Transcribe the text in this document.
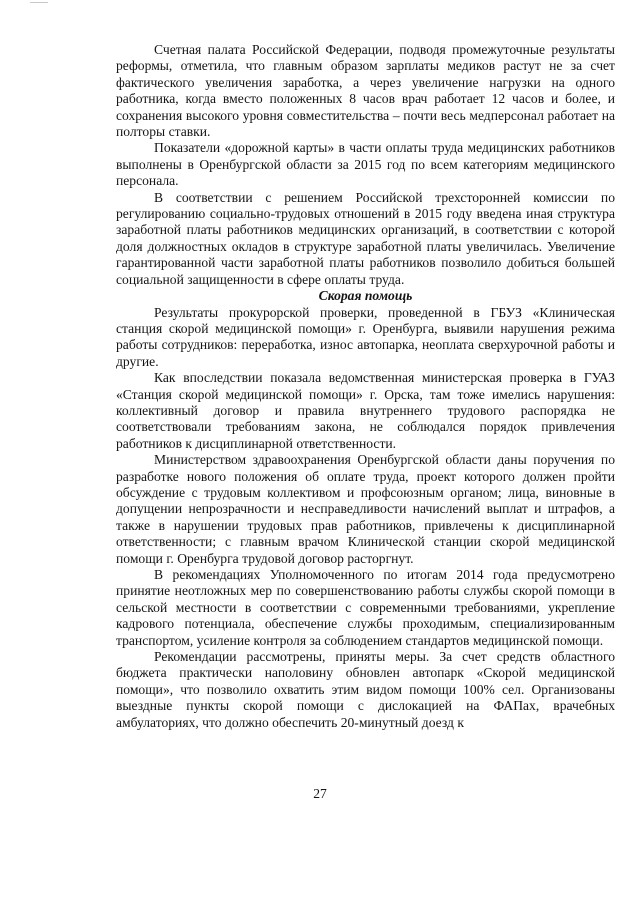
Счетная палата Российской Федерации, подводя промежуточные результаты реформы, отметила, что главным образом зарплаты медиков растут не за счет фактического увеличения заработка, а через увеличение нагрузки на одного работника, когда вместо положенных 8 часов врач работает 12 часов и более, и сохранения высокого уровня совместительства – почти весь медперсонал работает на полторы ставки.

Показатели «дорожной карты» в части оплаты труда медицинских работников выполнены в Оренбургской области за 2015 год по всем категориям медицинского персонала.

В соответствии с решением Российской трехсторонней комиссии по регулированию социально-трудовых отношений в 2015 году введена иная структура заработной платы работников медицинских организаций, в соответствии с которой доля должностных окладов в структуре заработной платы увеличилась. Увеличение гарантированной части заработной платы работников позволило добиться большей социальной защищенности в сфере оплаты труда.

Скорая помощь

Результаты прокурорской проверки, проведенной в ГБУЗ «Клиническая станция скорой медицинской помощи» г. Оренбурга, выявили нарушения режима работы сотрудников: переработка, износ автопарка, неоплата сверхурочной работы и другие.

Как впоследствии показала ведомственная министерская проверка в ГУАЗ «Станция скорой медицинской помощи» г. Орска, там тоже имелись нарушения: коллективный договор и правила внутреннего трудового распорядка не соответствовали требованиям закона, не соблюдался порядок привлечения работников к дисциплинарной ответственности.

Министерством здравоохранения Оренбургской области даны поручения по разработке нового положения об оплате труда, проект которого должен пройти обсуждение с трудовым коллективом и профсоюзным органом; лица, виновные в допущении непрозрачности и несправедливости начислений выплат и штрафов, а также в нарушении трудовых прав работников, привлечены к дисциплинарной ответственности; с главным врачом Клинической станции скорой медицинской помощи г. Оренбурга трудовой договор расторгнут.

В рекомендациях Уполномоченного по итогам 2014 года предусмотрено принятие неотложных мер по совершенствованию работы службы скорой помощи в сельской местности в соответствии с современными требованиями, укрепление кадрового потенциала, обеспечение службы проходимым, специализированным транспортом, усиление контроля за соблюдением стандартов медицинской помощи.

Рекомендации рассмотрены, приняты меры. За счет средств областного бюджета практически наполовину обновлен автопарк «Скорой медицинской помощи», что позволило охватить этим видом помощи 100% сел. Организованы выездные пункты скорой помощи с дислокацией на ФАПах, врачебных амбулаториях, что должно обеспечить 20-минутный доезд к

27
